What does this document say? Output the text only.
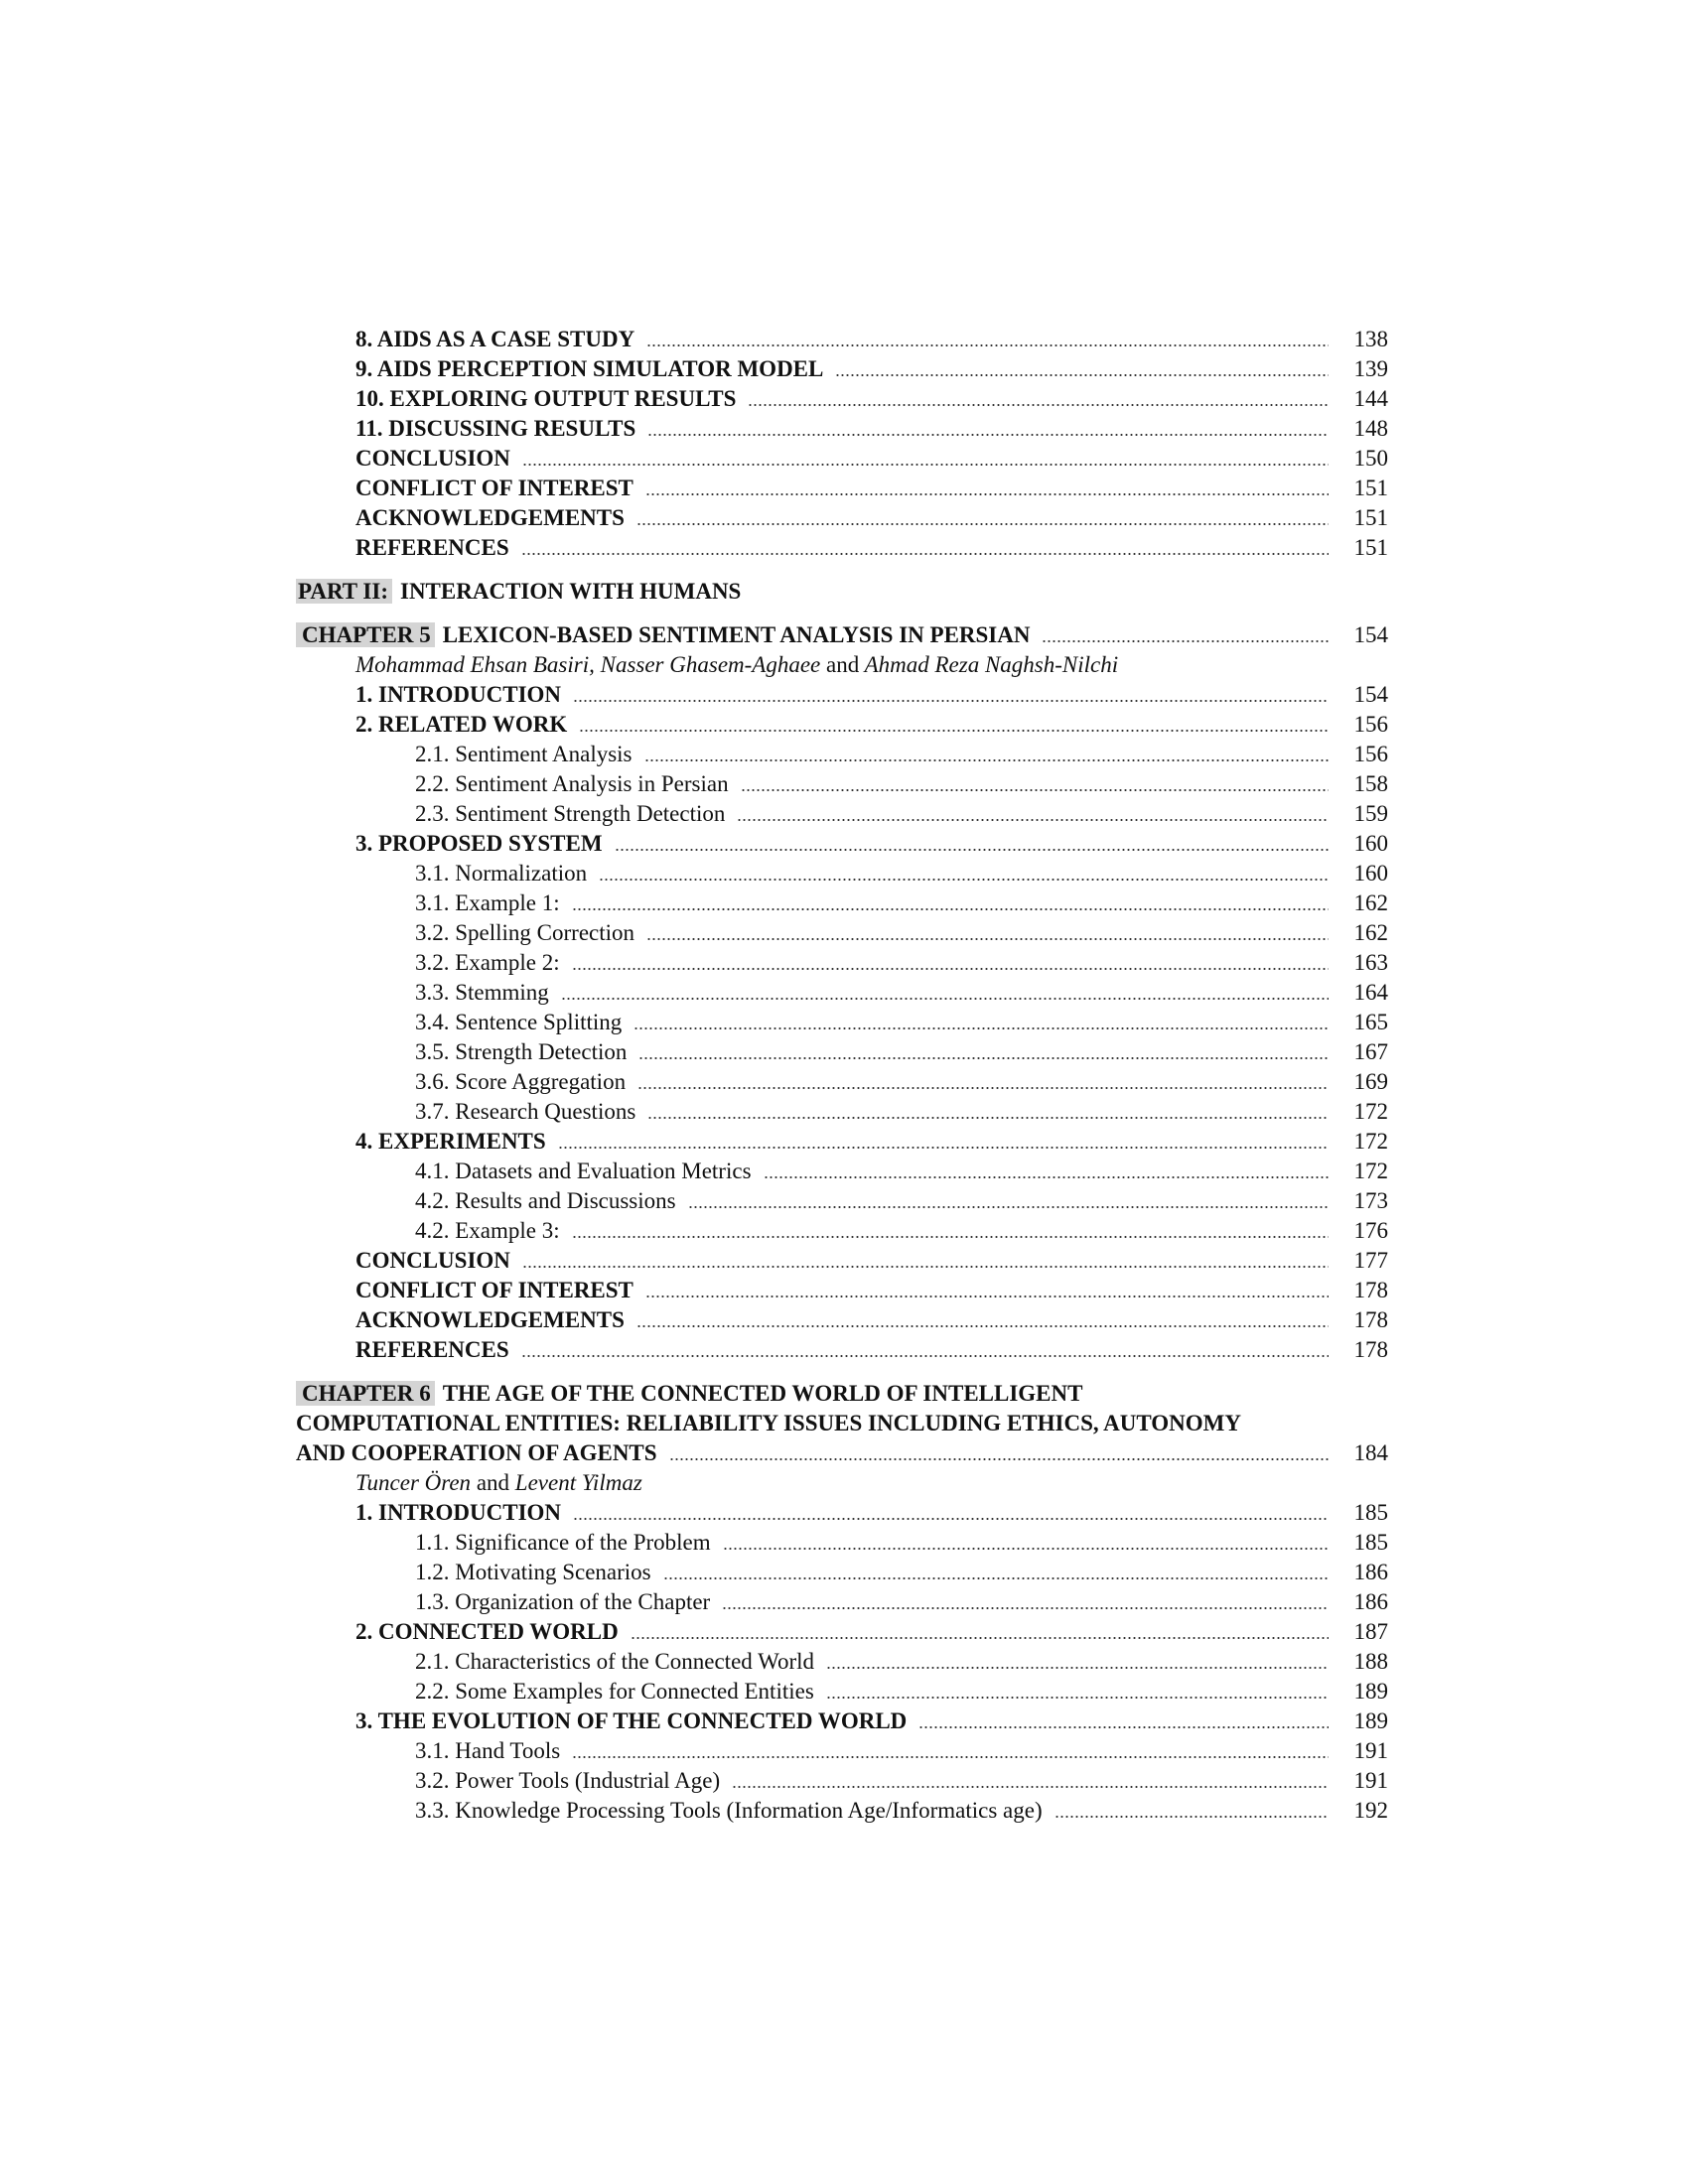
8. AIDS AS A CASE STUDY	138
9. AIDS PERCEPTION SIMULATOR MODEL	139
10. EXPLORING OUTPUT RESULTS	144
11. DISCUSSING RESULTS	148
CONCLUSION	150
CONFLICT OF INTEREST	151
ACKNOWLEDGEMENTS	151
REFERENCES	151
PART II: INTERACTION WITH HUMANS
CHAPTER 5 LEXICON-BASED SENTIMENT ANALYSIS IN PERSIAN	154
Mohammad Ehsan Basiri, Nasser Ghasem-Aghaee and Ahmad Reza Naghsh-Nilchi
1. INTRODUCTION	154
2. RELATED WORK	156
2.1. Sentiment Analysis	156
2.2. Sentiment Analysis in Persian	158
2.3. Sentiment Strength Detection	159
3. PROPOSED SYSTEM	160
3.1. Normalization	160
3.1. Example 1:	162
3.2. Spelling Correction	162
3.2. Example 2:	163
3.3. Stemming	164
3.4. Sentence Splitting	165
3.5. Strength Detection	167
3.6. Score Aggregation	169
3.7. Research Questions	172
4. EXPERIMENTS	172
4.1. Datasets and Evaluation Metrics	172
4.2. Results and Discussions	173
4.2. Example 3:	176
CONCLUSION	177
CONFLICT OF INTEREST	178
ACKNOWLEDGEMENTS	178
REFERENCES	178
CHAPTER 6 THE AGE OF THE CONNECTED WORLD OF INTELLIGENT
COMPUTATIONAL ENTITIES: RELIABILITY ISSUES INCLUDING ETHICS, AUTONOMY
AND COOPERATION OF AGENTS	184
Tuncer Ören and Levent Yilmaz
1. INTRODUCTION	185
1.1. Significance of the Problem	185
1.2. Motivating Scenarios	186
1.3. Organization of the Chapter	186
2. CONNECTED WORLD	187
2.1. Characteristics of the Connected World	188
2.2. Some Examples for Connected Entities	189
3. THE EVOLUTION OF THE CONNECTED WORLD	189
3.1. Hand Tools	191
3.2. Power Tools (Industrial Age)	191
3.3. Knowledge Processing Tools (Information Age/Informatics age)	192
